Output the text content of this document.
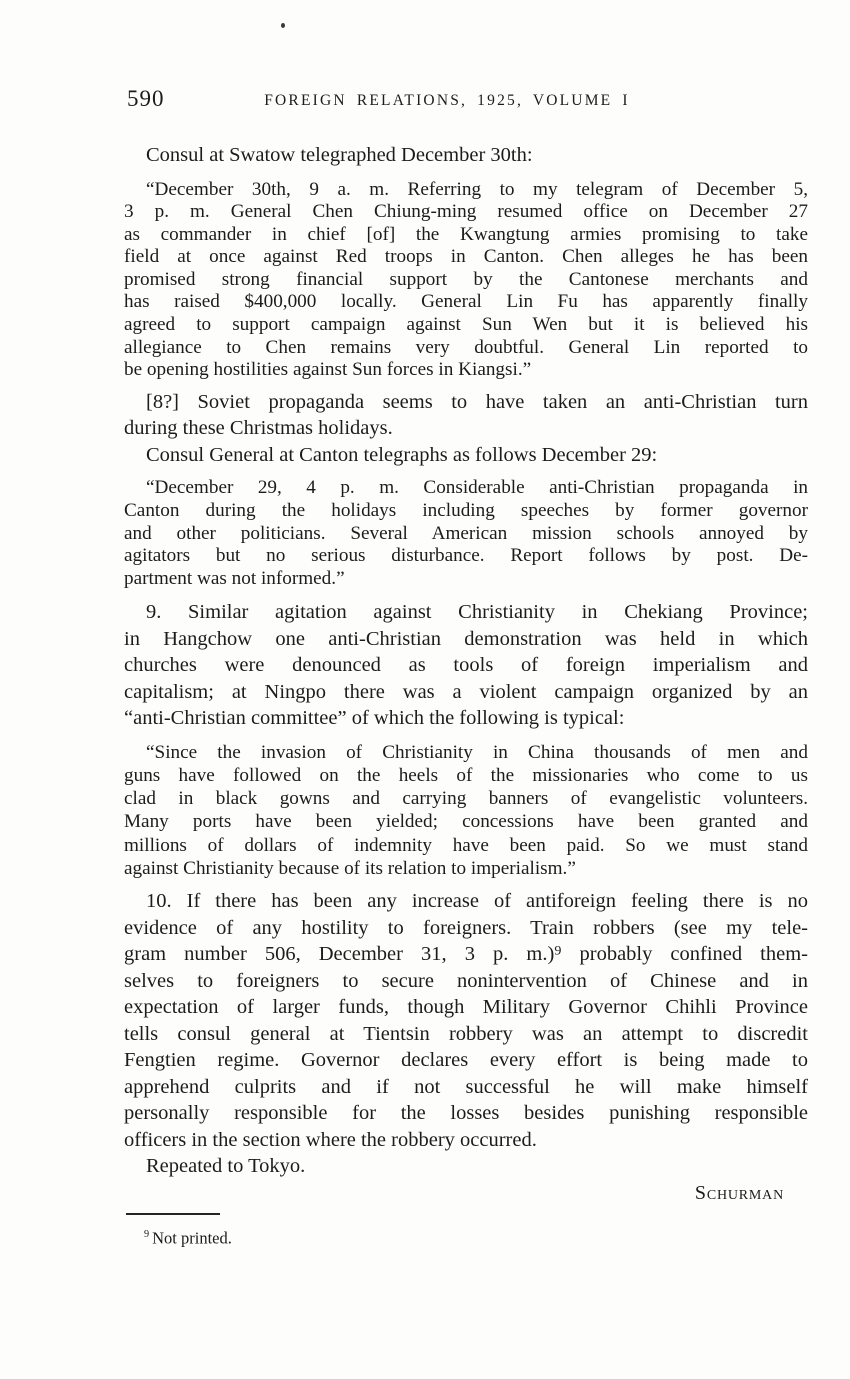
590	FOREIGN RELATIONS, 1925, VOLUME I
Consul at Swatow telegraphed December 30th:
“December 30th, 9 a. m. Referring to my telegram of December 5,
3 p. m. General Chen Chiung-ming resumed office on December 27
as commander in chief [of] the Kwangtung armies promising to take
field at once against Red troops in Canton. Chen alleges he has been
promised strong financial support by the Cantonese merchants and
has raised $400,000 locally. General Lin Fu has apparently finally
agreed to support campaign against Sun Wen but it is believed his
allegiance to Chen remains very doubtful. General Lin reported to
be opening hostilities against Sun forces in Kiangsi.”
[8?] Soviet propaganda seems to have taken an anti-Christian turn
during these Christmas holidays.
Consul General at Canton telegraphs as follows December 29:
“December 29, 4 p. m. Considerable anti-Christian propaganda in
Canton during the holidays including speeches by former governor
and other politicians. Several American mission schools annoyed by
agitators but no serious disturbance. Report follows by post. De-
partment was not informed.”
9. Similar agitation against Christianity in Chekiang Province;
in Hangchow one anti-Christian demonstration was held in which
churches were denounced as tools of foreign imperialism and
capitalism; at Ningpo there was a violent campaign organized by an
“anti-Christian committee” of which the following is typical:
“Since the invasion of Christianity in China thousands of men and
guns have followed on the heels of the missionaries who come to us
clad in black gowns and carrying banners of evangelistic volunteers.
Many ports have been yielded; concessions have been granted and
millions of dollars of indemnity have been paid. So we must stand
against Christianity because of its relation to imperialism.”
10. If there has been any increase of antiforeign feeling there is no
evidence of any hostility to foreigners. Train robbers (see my tele-
gram number 506, December 31, 3 p. m.)⁹ probably confined them-
selves to foreigners to secure nonintervention of Chinese and in
expectation of larger funds, though Military Governor Chihli Province
tells consul general at Tientsin robbery was an attempt to discredit
Fengtien regime. Governor declares every effort is being made to
apprehend culprits and if not successful he will make himself
personally responsible for the losses besides punishing responsible
officers in the section where the robbery occurred.
Repeated to Tokyo.
Schurman
$^9$ Not printed.
